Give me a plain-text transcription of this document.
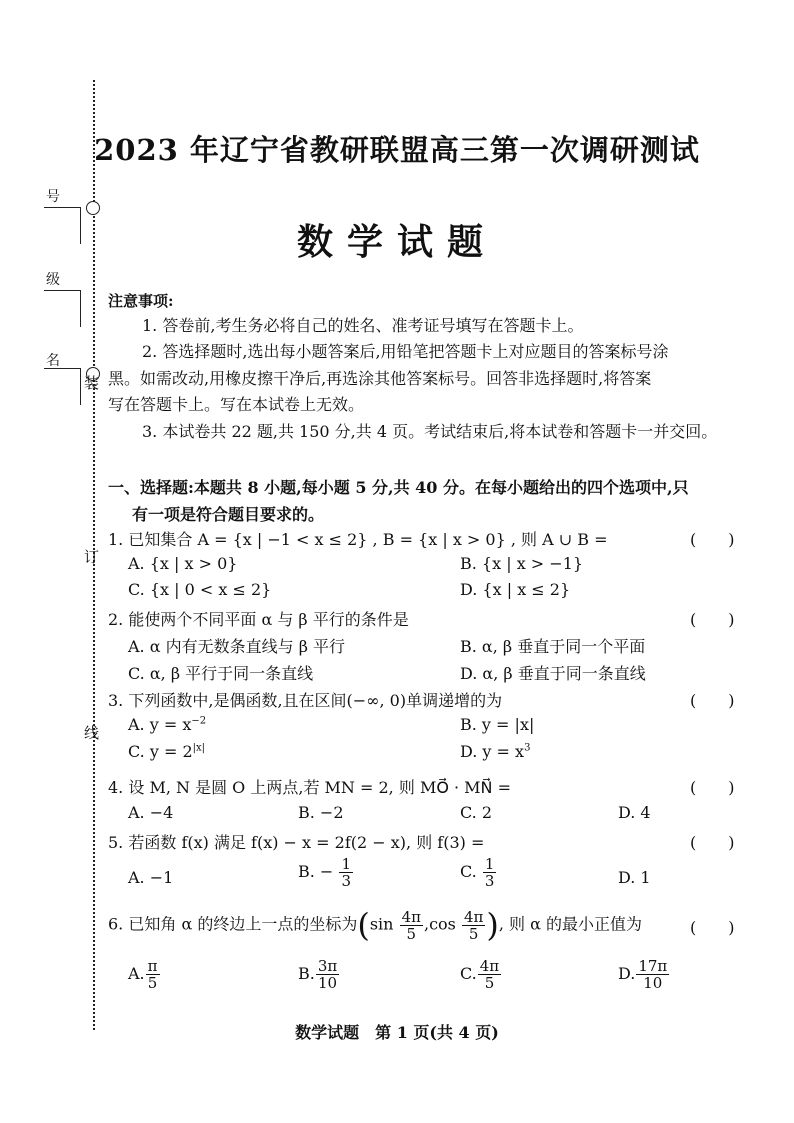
号
级
名
装
订
线
2023 年辽宁省教研联盟高三第一次调研测试
数学试题
注意事项:
1. 答卷前,考生务必将自己的姓名、准考证号填写在答题卡上。
2. 答选择题时,选出每小题答案后,用铅笔把答题卡上对应题目的答案标号涂
黑。如需改动,用橡皮擦干净后,再选涂其他答案标号。回答非选择题时,将答案
写在答题卡上。写在本试卷上无效。
3. 本试卷共 22 题,共 150 分,共 4 页。考试结束后,将本试卷和答题卡一并交回。
一、选择题:本题共 8 小题,每小题 5 分,共 40 分。在每小题给出的四个选项中,只
有一项是符合题目要求的。
1. 已知集合 A = {x | −1 < x ≤ 2} , B = {x | x > 0} , 则 A ∪ B =	(　　)
A. {x | x > 0}	B. {x | x > −1}
C. {x | 0 < x ≤ 2}	D. {x | x ≤ 2}
2. 能使两个不同平面 α 与 β 平行的条件是	(　　)
A. α 内有无数条直线与 β 平行	B. α, β 垂直于同一个平面
C. α, β 平行于同一条直线	D. α, β 垂直于同一条直线
3. 下列函数中,是偶函数,且在区间(−∞, 0)单调递增的为	(　　)
A. $y = x^{-2}$	B. y = |x|
C. $y = 2^{|x|}$	D. $y = x^3$
4. 设 M, N 是圆 O 上两点,若 MN = 2, 则 MO⃗ · MN⃗ =	(　　)
A. −4	B. −2	C. 2	D. 4
5. 若函数 f(x) 满足 f(x) − x = 2f(2 − x), 则 f(3) =	(　　)
A. −1	B. − $\frac{1}{3}$	C. $\frac{1}{3}$	D. 1
6. 已知角 α 的终边上一点的坐标为($\sin \frac{4\pi}{5} ,\cos \frac{4\pi}{5}$ ), 则 α 的最小正值为	(　　)
A. $\frac{\pi}{5}$	B. $\frac{3\pi}{10}$	C. $\frac{4\pi}{5}$	D. $\frac{17\pi}{10}$
数学试题　第 1 页(共 4 页)
